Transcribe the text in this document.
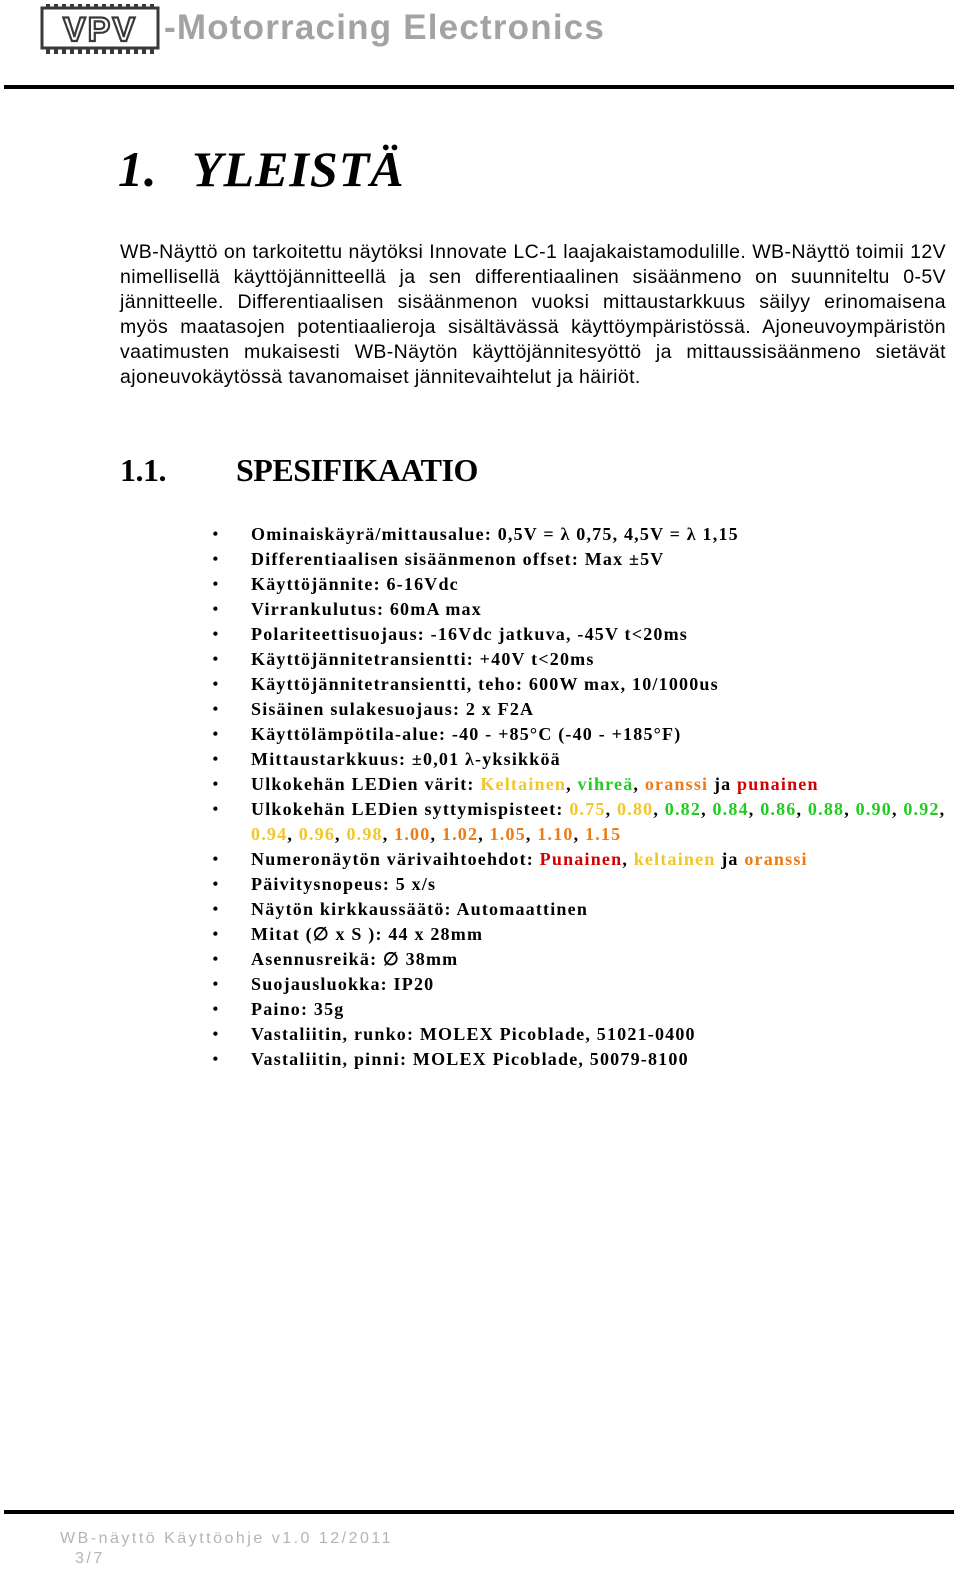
VPV -Motorracing Electronics
1. YLEISTÄ

WB-Näyttö on tarkoitettu näytöksi Innovate LC-1 laajakaistamodulille. WB-Näyttö toimii 12V nimellisellä käyttöjännitteellä ja sen differentiaalinen sisäänmeno on suunniteltu 0-5V jännitteelle. Differentiaalisen sisäänmenon vuoksi mittaustarkkuus säilyy erinomaisena myös maatasojen potentiaalieroja sisältävässä käyttöympäristössä. Ajoneuvoympäristön vaatimusten mukaisesti WB-Näytön käyttöjännitesyöttö ja mittaussisäänmeno sietävät ajoneuvokäytössä tavanomaiset jännitevaihtelut ja häiriöt.

1.1. SPESIFIKAATIO
• Ominaiskäyrä/mittausalue: 0,5V = λ 0,75, 4,5V = λ 1,15
• Differentiaalisen sisäänmenon offset: Max ±5V
• Käyttöjännite: 6-16Vdc
• Virrankulutus: 60mA max
• Polariteettisuojaus: -16Vdc jatkuva, -45V t<20ms
• Käyttöjännitetransientti: +40V t<20ms
• Käyttöjännitetransientti, teho: 600W max, 10/1000us
• Sisäinen sulakesuojaus: 2 x F2A
• Käyttölämpötila-alue: -40 - +85°C (-40 - +185°F)
• Mittaustarkkuus: ±0,01 λ-yksikköä
• Ulkokehän LEDien värit: Keltainen, vihreä, oranssi ja punainen
• Ulkokehän LEDien syttymispisteet: 0.75, 0.80, 0.82, 0.84, 0.86, 0.88, 0.90, 0.92, 0.94, 0.96, 0.98, 1.00, 1.02, 1.05, 1.10, 1.15
• Numeronäytön värivaihtoehdot: Punainen, keltainen ja oranssi
• Päivitysnopeus: 5 x/s
• Näytön kirkkaussäätö: Automaattinen
• Mitat (∅ x S ): 44 x 28mm
• Asennusreikä: ∅ 38mm
• Suojausluokka: IP20
• Paino: 35g
• Vastaliitin, runko: MOLEX Picoblade, 51021-0400
• Vastaliitin, pinni: MOLEX Picoblade, 50079-8100
WB-näyttö Käyttöohje v1.0 12/2011
3/7
